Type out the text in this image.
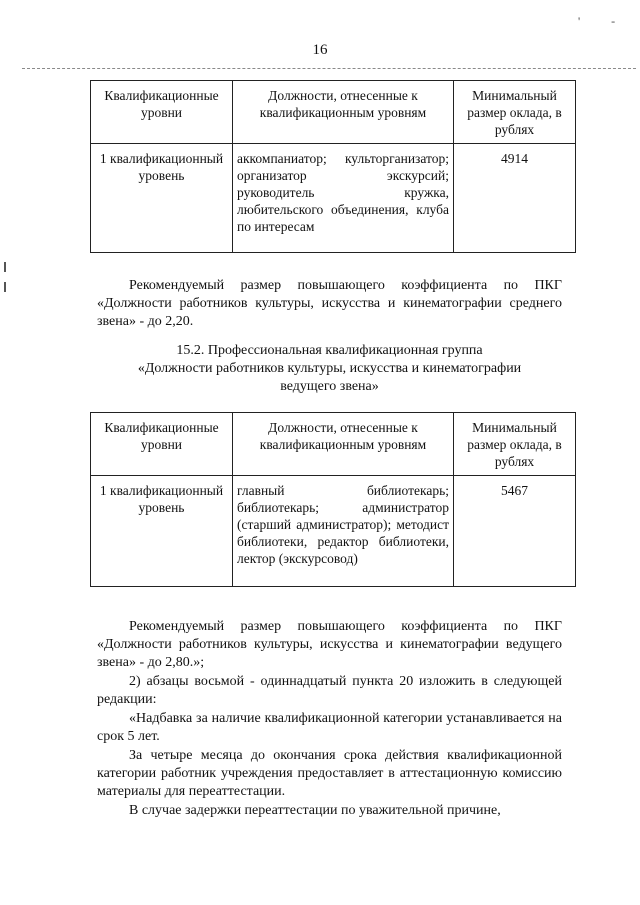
' -
16
Квалификационные уровни	Должности, отнесенные к квалификационным уровням	Минимальный размер оклада, в рублях
1 квалификационный уровень	аккомпаниатор; культорганизатор; организатор экскурсий; руководитель кружка, любительского объединения, клуба по интересам	4914

Рекомендуемый размер повышающего коэффициента по ПКГ «Должности работников культуры, искусства и кинематографии среднего звена» - до 2,20.

15.2. Профессиональная квалификационная группа

«Должности работников культуры, искусства и кинематографии

ведущего звена»

Квалификационные уровни	Должности, отнесенные к квалификационным уровням	Минимальный размер оклада, в рублях
1 квалификационный уровень	главный библиотекарь; библиотекарь; администратор (старший администратор); методист библиотеки, редактор библиотеки, лектор (экскурсовод)	5467

Рекомендуемый размер повышающего коэффициента по ПКГ «Должности работников культуры, искусства и кинематографии ведущего звена» - до 2,80.»;

2) абзацы восьмой - одиннадцатый пункта 20 изложить в следующей редакции:

«Надбавка за наличие квалификационной категории устанавливается на срок 5 лет.

За четыре месяца до окончания срока действия квалификационной категории работник учреждения предоставляет в аттестационную комиссию материалы для переаттестации.

В случае задержки переаттестации по уважительной причине,
